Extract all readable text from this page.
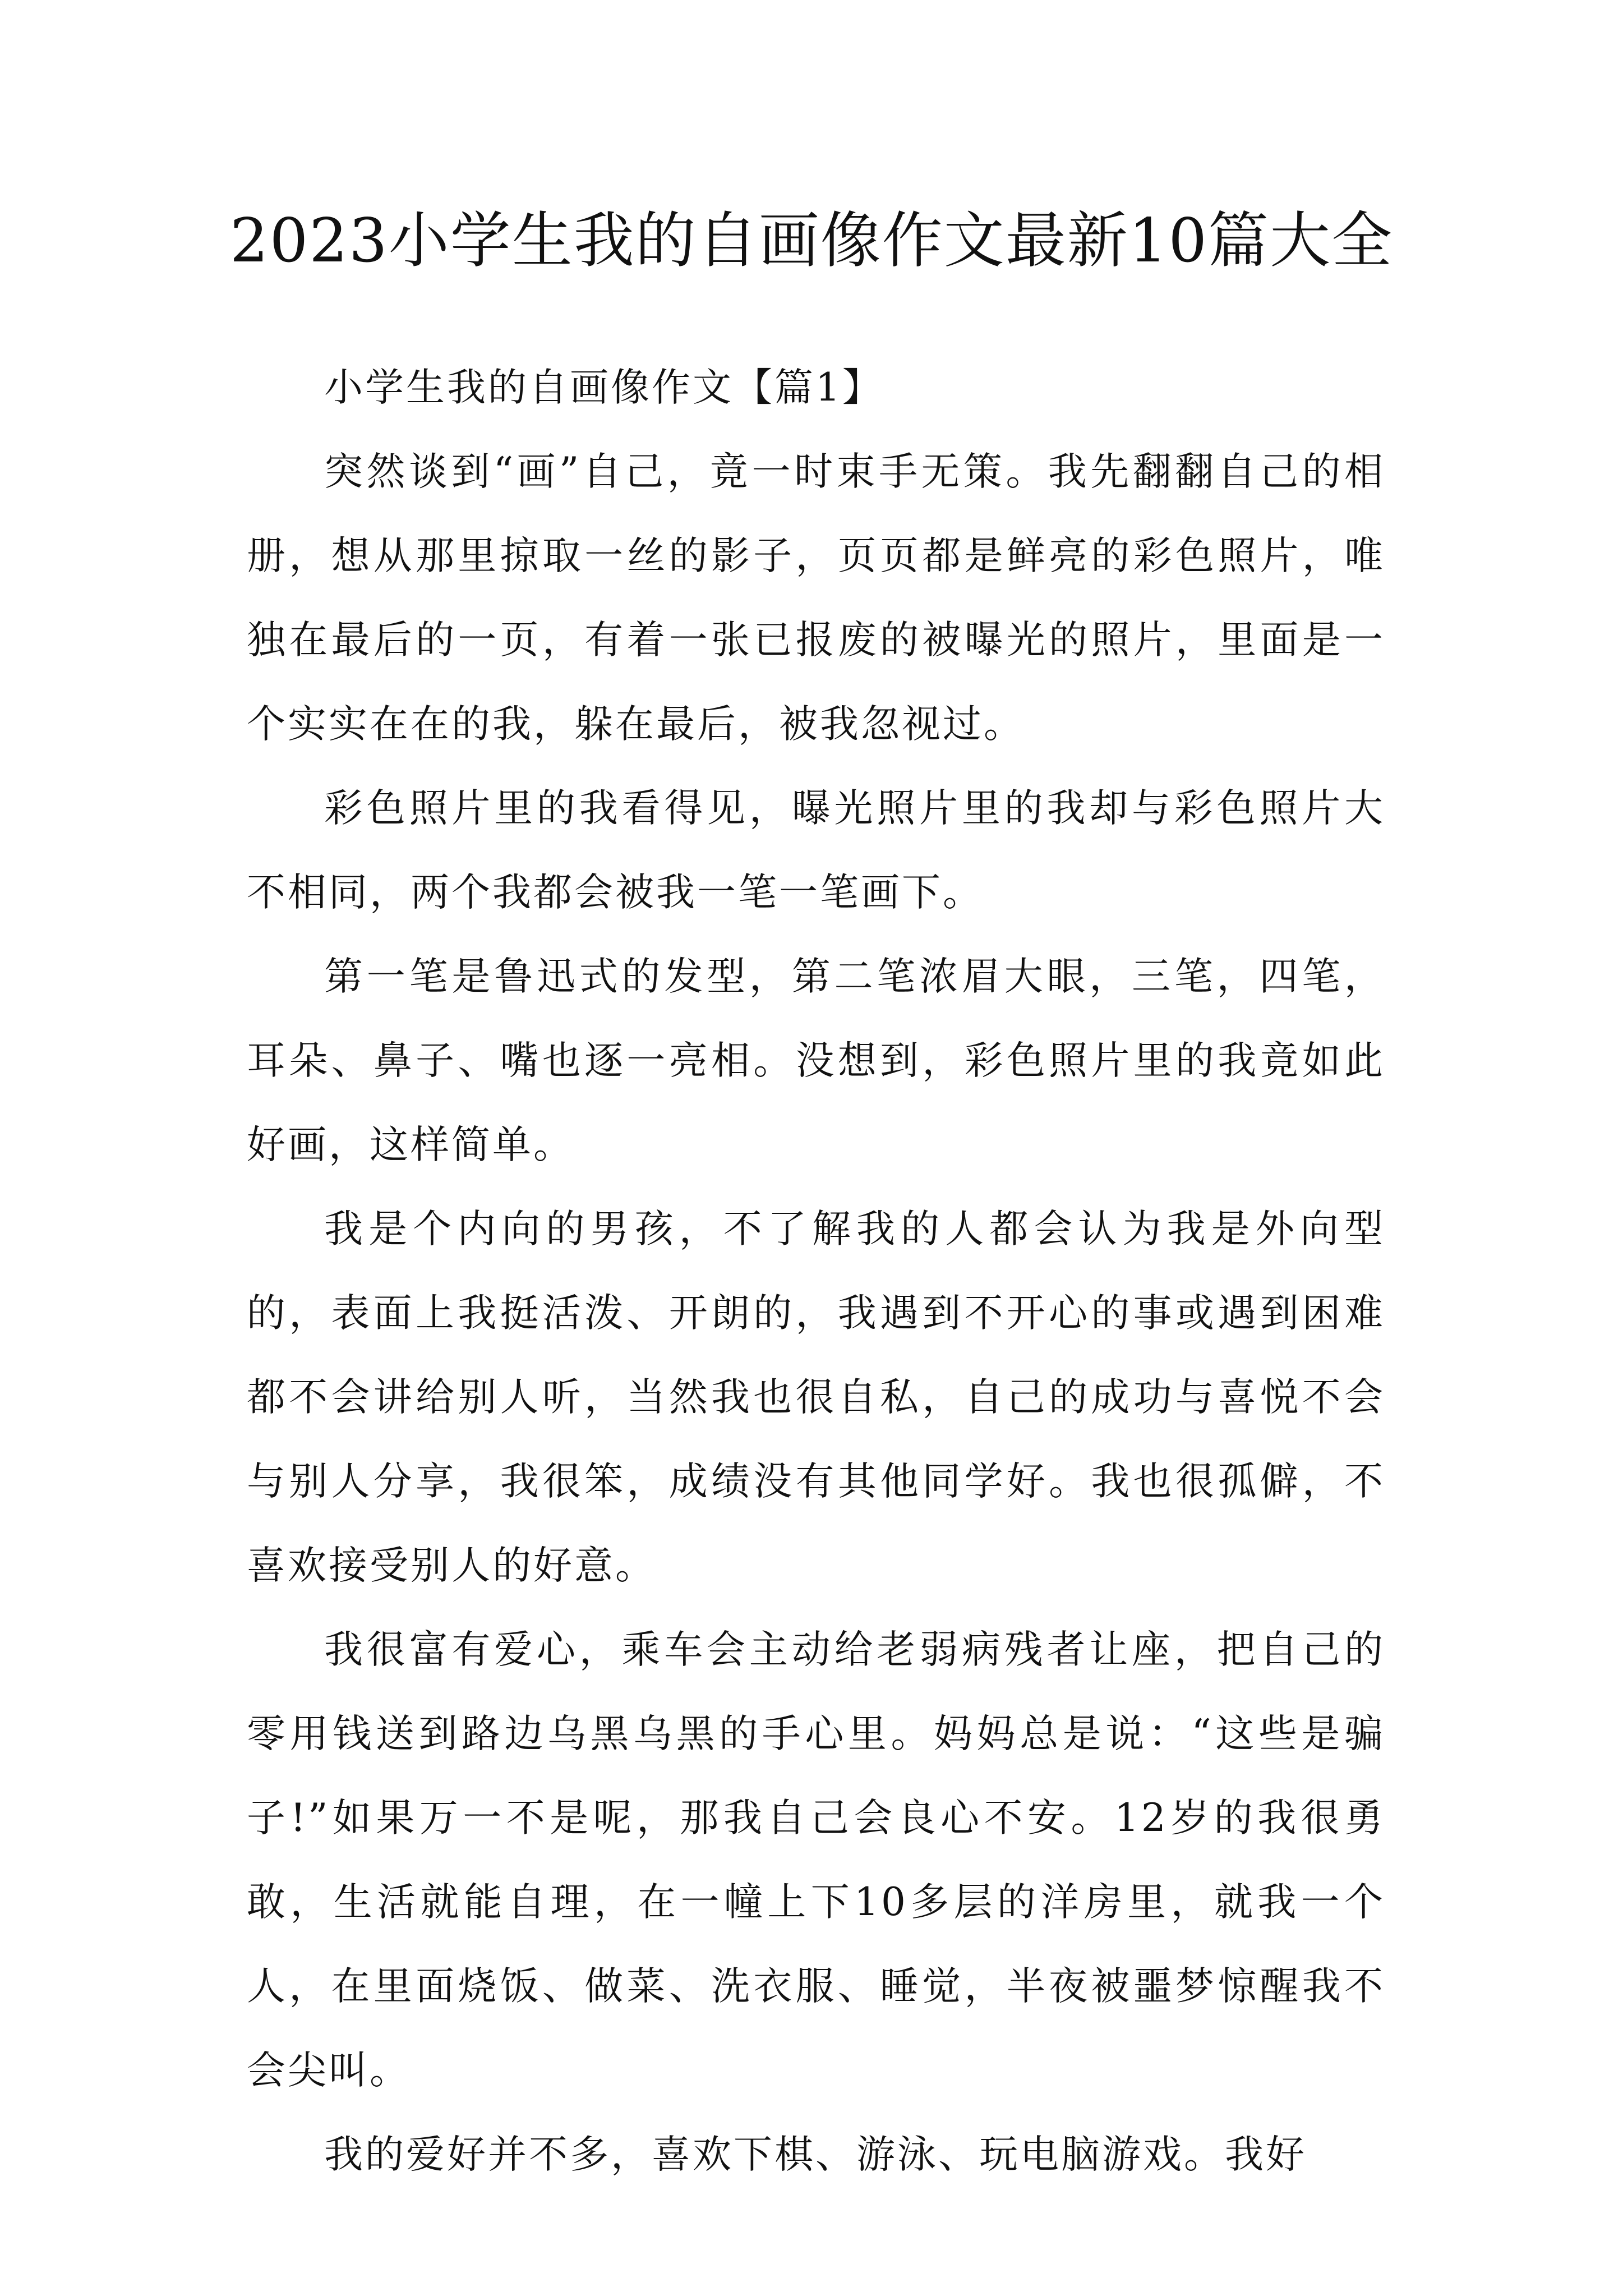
2023小学生我的自画像作文最新10篇大全

小学生我的自画像作文【篇1】

突然谈到“画”自己，竟一时束手无策。我先翻翻自己的相册，想从那里掠取一丝的影子，页页都是鲜亮的彩色照片，唯独在最后的一页，有着一张已报废的被曝光的照片，里面是一个实实在在的我，躲在最后，被我忽视过。

彩色照片里的我看得见，曝光照片里的我却与彩色照片大不相同，两个我都会被我一笔一笔画下。

第一笔是鲁迅式的发型，第二笔浓眉大眼，三笔，四笔，耳朵、鼻子、嘴也逐一亮相。没想到，彩色照片里的我竟如此好画，这样简单。

我是个内向的男孩，不了解我的人都会认为我是外向型的，表面上我挺活泼、开朗的，我遇到不开心的事或遇到困难都不会讲给别人听，当然我也很自私，自己的成功与喜悦不会与别人分享，我很笨，成绩没有其他同学好。我也很孤僻，不喜欢接受别人的好意。

我很富有爱心，乘车会主动给老弱病残者让座，把自己的零用钱送到路边乌黑乌黑的手心里。妈妈总是说：“这些是骗子!”如果万一不是呢，那我自己会良心不安。12岁的我很勇敢，生活就能自理，在一幢上下10多层的洋房里，就我一个人，在里面烧饭、做菜、洗衣服、睡觉，半夜被噩梦惊醒我不会尖叫。

我的爱好并不多，喜欢下棋、游泳、玩电脑游戏。我好
